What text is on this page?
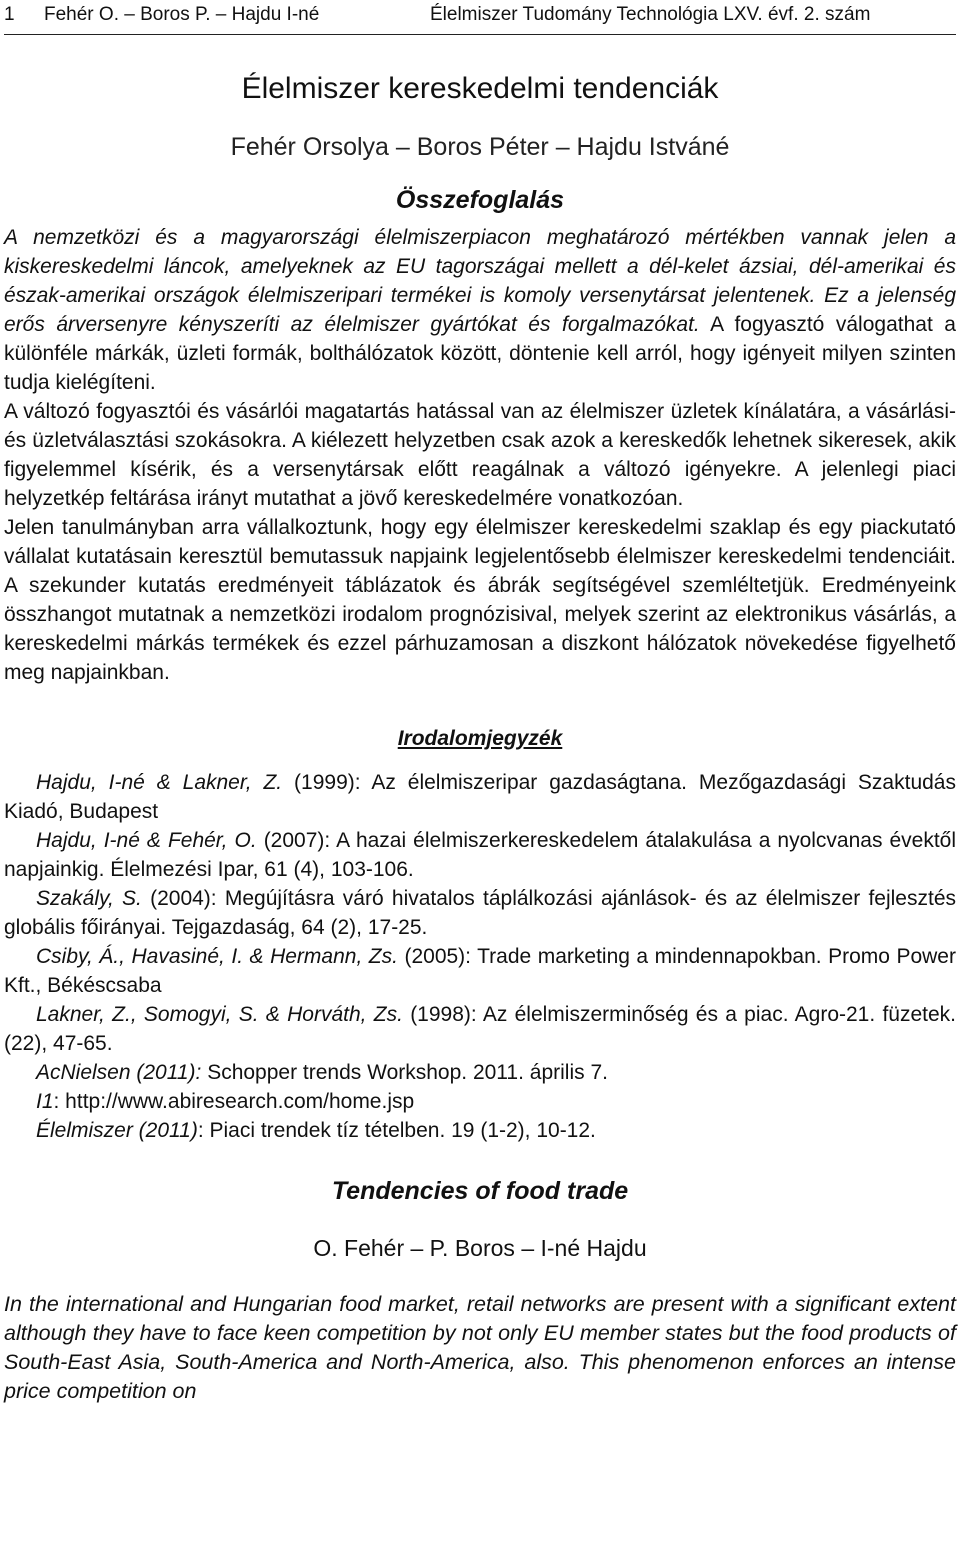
1	Fehér O. – Boros P. – Hajdu I-né	Élelmiszer Tudomány Technológia LXV. évf. 2. szám
Élelmiszer kereskedelmi tendenciák
Fehér Orsolya – Boros Péter – Hajdu Istváné
Összefoglalás

A nemzetközi és a magyarországi élelmiszerpiacon meghatározó mértékben vannak jelen a kiskereskedelmi láncok, amelyeknek az EU tagországai mellett a dél-kelet ázsiai, dél-amerikai és észak-amerikai országok élelmiszeripari termékei is komoly versenytársat jelentenek. Ez a jelenség erős árversenyre kényszeríti az élelmiszer gyártókat és forgalmazókat. A fogyasztó válogathat a különféle márkák, üzleti formák, bolthálózatok között, döntenie kell arról, hogy igényeit milyen szinten tudja kielégíteni.

A változó fogyasztói és vásárlói magatartás hatással van az élelmiszer üzletek kínálatára, a vásárlási- és üzletválasztási szokásokra. A kiélezett helyzetben csak azok a kereskedők lehetnek sikeresek, akik figyelemmel kísérik, és a versenytársak előtt reagálnak a változó igényekre. A jelenlegi piaci helyzetkép feltárása irányt mutathat a jövő kereskedelmére vonatkozóan.

Jelen tanulmányban arra vállalkoztunk, hogy egy élelmiszer kereskedelmi szaklap és egy piackutató vállalat kutatásain keresztül bemutassuk napjaink legjelentősebb élelmiszer kereskedelmi tendenciáit. A szekunder kutatás eredményeit táblázatok és ábrák segítségével szemléltetjük. Eredményeink összhangot mutatnak a nemzetközi irodalom prognózisival, melyek szerint az elektronikus vásárlás, a kereskedelmi márkás termékek és ezzel párhuzamosan a diszkont hálózatok növekedése figyelhető meg napjainkban.

Irodalomjegyzék

Hajdu, I-né & Lakner, Z. (1999): Az élelmiszeripar gazdaságtana. Mezőgazdasági Szaktudás Kiadó, Budapest

Hajdu, I-né & Fehér, O. (2007): A hazai élelmiszerkereskedelem átalakulása a nyolcvanas évektől napjainkig. Élelmezési Ipar, 61 (4), 103-106.

Szakály, S. (2004): Megújításra váró hivatalos táplálkozási ajánlások- és az élelmiszer fejlesztés globális főirányai. Tejgazdaság, 64 (2), 17-25.

Csiby, Á., Havasiné, I. & Hermann, Zs. (2005): Trade marketing a mindennapokban. Promo Power Kft., Békéscsaba

Lakner, Z., Somogyi, S. & Horváth, Zs. (1998): Az élelmiszerminőség és a piac. Agro-21. füzetek. (22), 47-65.

AcNielsen (2011): Schopper trends Workshop. 2011. április 7.

I1: http://www.abiresearch.com/home.jsp

Élelmiszer (2011): Piaci trendek tíz tételben. 19 (1-2), 10-12.

Tendencies of food trade
O. Fehér – P. Boros – I-né Hajdu

In the international and Hungarian food market, retail networks are present with a significant extent although they have to face keen competition by not only EU member states but the food products of South-East Asia, South-America and North-America, also. This phenomenon enforces an intense price competition on
